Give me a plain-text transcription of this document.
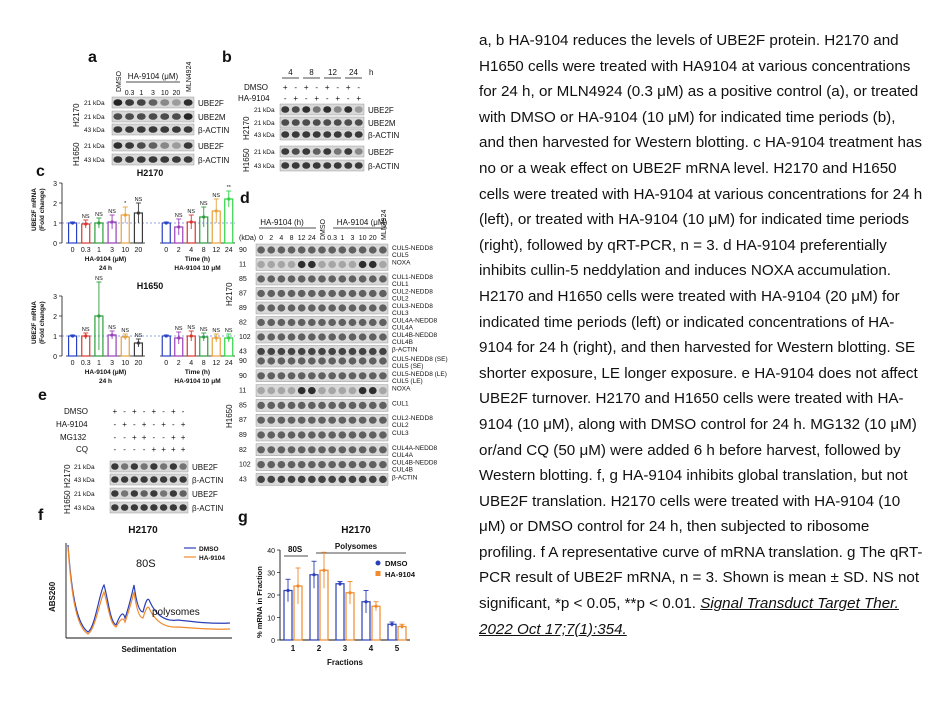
a	b
c
d
e
f	g
HA-9104 (μM)
DMSO
0.3 1 3 10 20
MLN4924
21 kDa	UBE2F
21 kDa	UBE2M
43 kDa	β-ACTIN
21 kDa	UBE2F
43 kDa	β-ACTIN
H2170
H1650
4 8 12 24 h
DMSO
HA-9104
+ - + - + - + -
- + - + - + - +
21 kDa	UBE2F
21 kDa	UBE2M
43 kDa	β-ACTIN
21 kDa	UBE2F
43 kDa	β-ACTIN
H2170
H1650
H2170
0
1
2
3
UBE2F mRNA (Fold change)
0 0.3
NS
1
NS
3
NS
10
*
20
NS
HA-9104 (μM)
24 h
0 2
NS
4
NS
8
NS
12
NS
24
**
Time (h)
HA-9104 10 μM
H1650
0
1
2
3
UBE2F mRNA (Fold change)
0 0.3
NS
1
NS
3
NS
10
NS
20
NS
HA-9104 (μM)
24 h
0 2
NS
4
NS
8
NS
12
NS
24
NS
Time (h)
HA-9104 10 μM
(kDa)
HA-9104 (h)	HA-9104 (μM)
0 2 4 8 12 24 DMSO 0.3 1 3 10 20 MLN4924
90	CUL5-NEDD8
CUL5
11	NOXA
85	CUL1-NEDD8
CUL1
87	CUL2-NEDD8
CUL2
89	CUL3-NEDD8
CUL3
82	CUL4A-NEDD8
CUL4A
102	CUL4B-NEDD8
CUL4B
43	β-ACTIN
90	CUL5-NEDD8 (SE)
CUL5 (SE)
90	CUL5-NEDD8 (LE)
CUL5 (LE)
11	NOXA
85	CUL1
87	CUL2-NEDD8
CUL2
89	CUL3
82	CUL4A-NEDD8
CUL4A
102	CUL4B-NEDD8
CUL4B
43	β-ACTIN
H2170
H1650
DMSO	+ - + - + - + -
HA-9104	- + - + - + - +
MG132	- - + + - - + +
CQ	- - - - + + + +
21 kDa	UBE2F
43 kDa	β-ACTIN
21 kDa	UBE2F
43 kDa	β-ACTIN
H2170
H1650
H2170
ABS260
Sedimentation
DMSO
HA-9104
80S
polysomes
H2170
0
10
20
30
40
% mRNA in Fraction
Fractions
80S	Polysomes
1	2	3	4	5
DMSO
HA-9104
a, b HA-9104 reduces the levels of UBE2F protein. H2170 and H1650 cells were treated with HA9104 at various concentrations for 24 h, or MLN4924 (0.3 μM) as a positive control (a), or treated with DMSO or HA-9104 (10 μM) for indicated time periods (b), and then harvested for Western blotting. c HA-9104 treatment has no or a weak effect on UBE2F mRNA level. H2170 and H1650 cells were treated with HA-9104 at various concentrations for 24 h (left), or treated with HA-9104 (10 μM) for indicated time periods (right), followed by qRT-PCR, n = 3. d HA-9104 preferentially inhibits cullin-5 neddylation and induces NOXA accumulation. H2170 and H1650 cells were treated with HA-9104 (20 μM) for indicated time periods (left) or indicated concentrations of HA-9104 for 24 h (right), and then harvested for Western blotting. SE shorter exposure, LE longer exposure. e HA-9104 does not affect UBE2F turnover. H2170 and H1650 cells were treated with HA-9104 (10 μM), along with DMSO control for 24 h. MG132 (10 μM) or/and CQ (50 μM) were added 6 h before harvest, followed by Western blotting. f, g HA-9104 inhibits global translation, but not UBE2F translation. H2170 cells were treated with HA-9104 (10 μM) or DMSO control for 24 h, then subjected to ribosome profiling. f A representative curve of mRNA translation. g The qRT-PCR result of UBE2F mRNA, n = 3. Shown is mean ± SD. NS not significant, *p < 0.05, **p < 0.01. Signal Transduct Target Ther. 2022 Oct 17;7(1):354.
